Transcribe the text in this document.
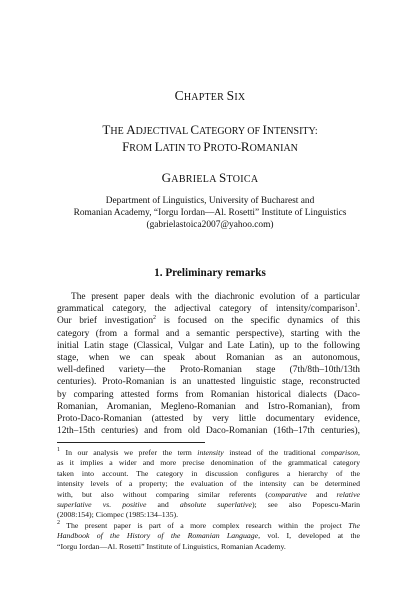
CHAPTER SIX
THE ADJECTIVAL CATEGORY OF INTENSITY:
FROM LATIN TO PROTO-ROMANIAN
GABRIELA STOICA
Department of Linguistics, University of Bucharest and
Romanian Academy, “Iorgu Iordan—Al. Rosetti” Institute of Linguistics
(gabrielastoica2007@yahoo.com)
1. Preliminary remarks
The present paper deals with the diachronic evolution of a particular
grammatical category, the adjectival category of intensity/comparison$^1$.
Our brief investigation$^2$ is focused on the specific dynamics of this
category (from a formal and a semantic perspective), starting with the
initial Latin stage (Classical, Vulgar and Late Latin), up to the following
stage, when we can speak about Romanian as an autonomous,
well-defined variety—the Proto-Romanian stage (7th/8th–10th/13th
centuries). Proto-Romanian is an unattested linguistic stage, reconstructed
by comparing attested forms from Romanian historical dialects (Daco-
Romanian, Aromanian, Megleno-Romanian and Istro-Romanian), from
Proto-Daco-Romanian (attested by very little documentary evidence,
12th–15th centuries) and from old Daco-Romanian (16th–17th centuries),
$^1$ In our analysis we prefer the term intensity instead of the traditional comparison,
as it implies a wider and more precise denomination of the grammatical category
taken into account. The category in discussion configures a hierarchy of the
intensity levels of a property; the evaluation of the intensity can be determined
with, but also without comparing similar referents (comparative and relative
superlative vs. positive and absolute superlative); see also Popescu-Marin
(2008:154); Ciompec (1985:134–135).
$^2$ The present paper is part of a more complex research within the project The
Handbook of the History of the Romanian Language, vol. I, developed at the
“Iorgu Iordan—Al. Rosetti” Institute of Linguistics, Romanian Academy.
